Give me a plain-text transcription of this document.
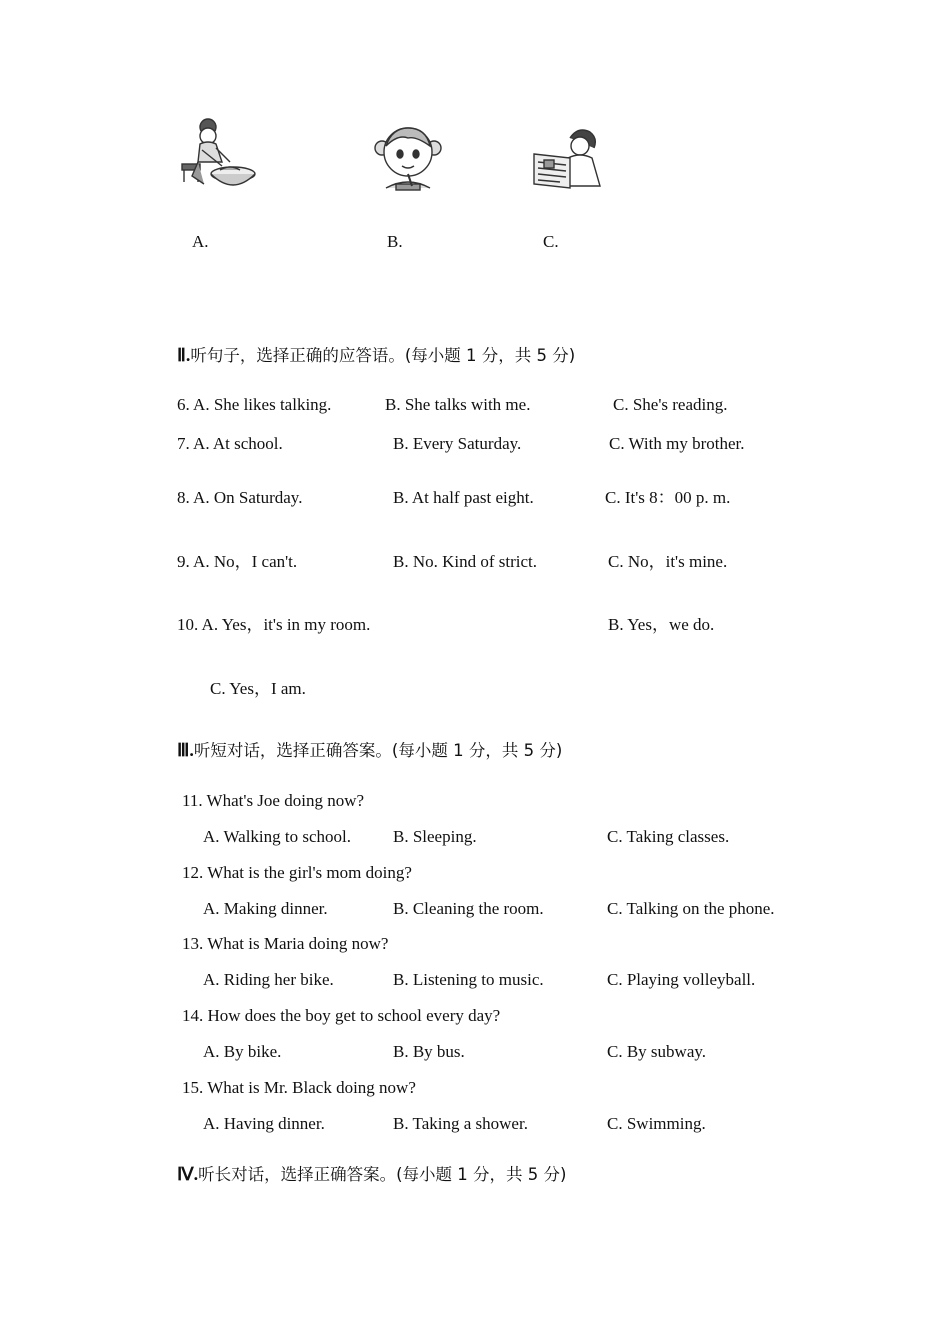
A.	B.	C.
Ⅱ.听句子，选择正确的应答语。(每小题 1 分，共 5 分)
6. A. She likes talking.	B. She talks with me.	C. She's reading.
7. A. At school.	B. Every Saturday.	C. With my brother.
8. A. On Saturday.	B. At half past eight.	C. It's 8：00 p. m.
9. A. No，I can't.	B. No. Kind of strict.	C. No，it's mine.
10. A. Yes，it's in my room.	B. Yes，we do.
C. Yes，I am.
Ⅲ.听短对话，选择正确答案。(每小题 1 分，共 5 分)
11. What's Joe doing now?
A. Walking to school. B. Sleeping.	C. Taking classes.
12. What is the girl's mom doing?
A. Making dinner.	B. Cleaning the room.	C. Talking on the phone.
13. What is Maria doing now?
A. Riding her bike.	B. Listening to music.	C. Playing volleyball.
14. How does the boy get to school every day?
A. By bike.	B. By bus.	C. By subway.
15. What is Mr. Black doing now?
A. Having dinner.	B. Taking a shower.	C. Swimming.
Ⅳ.听长对话，选择正确答案。(每小题 1 分，共 5 分)
